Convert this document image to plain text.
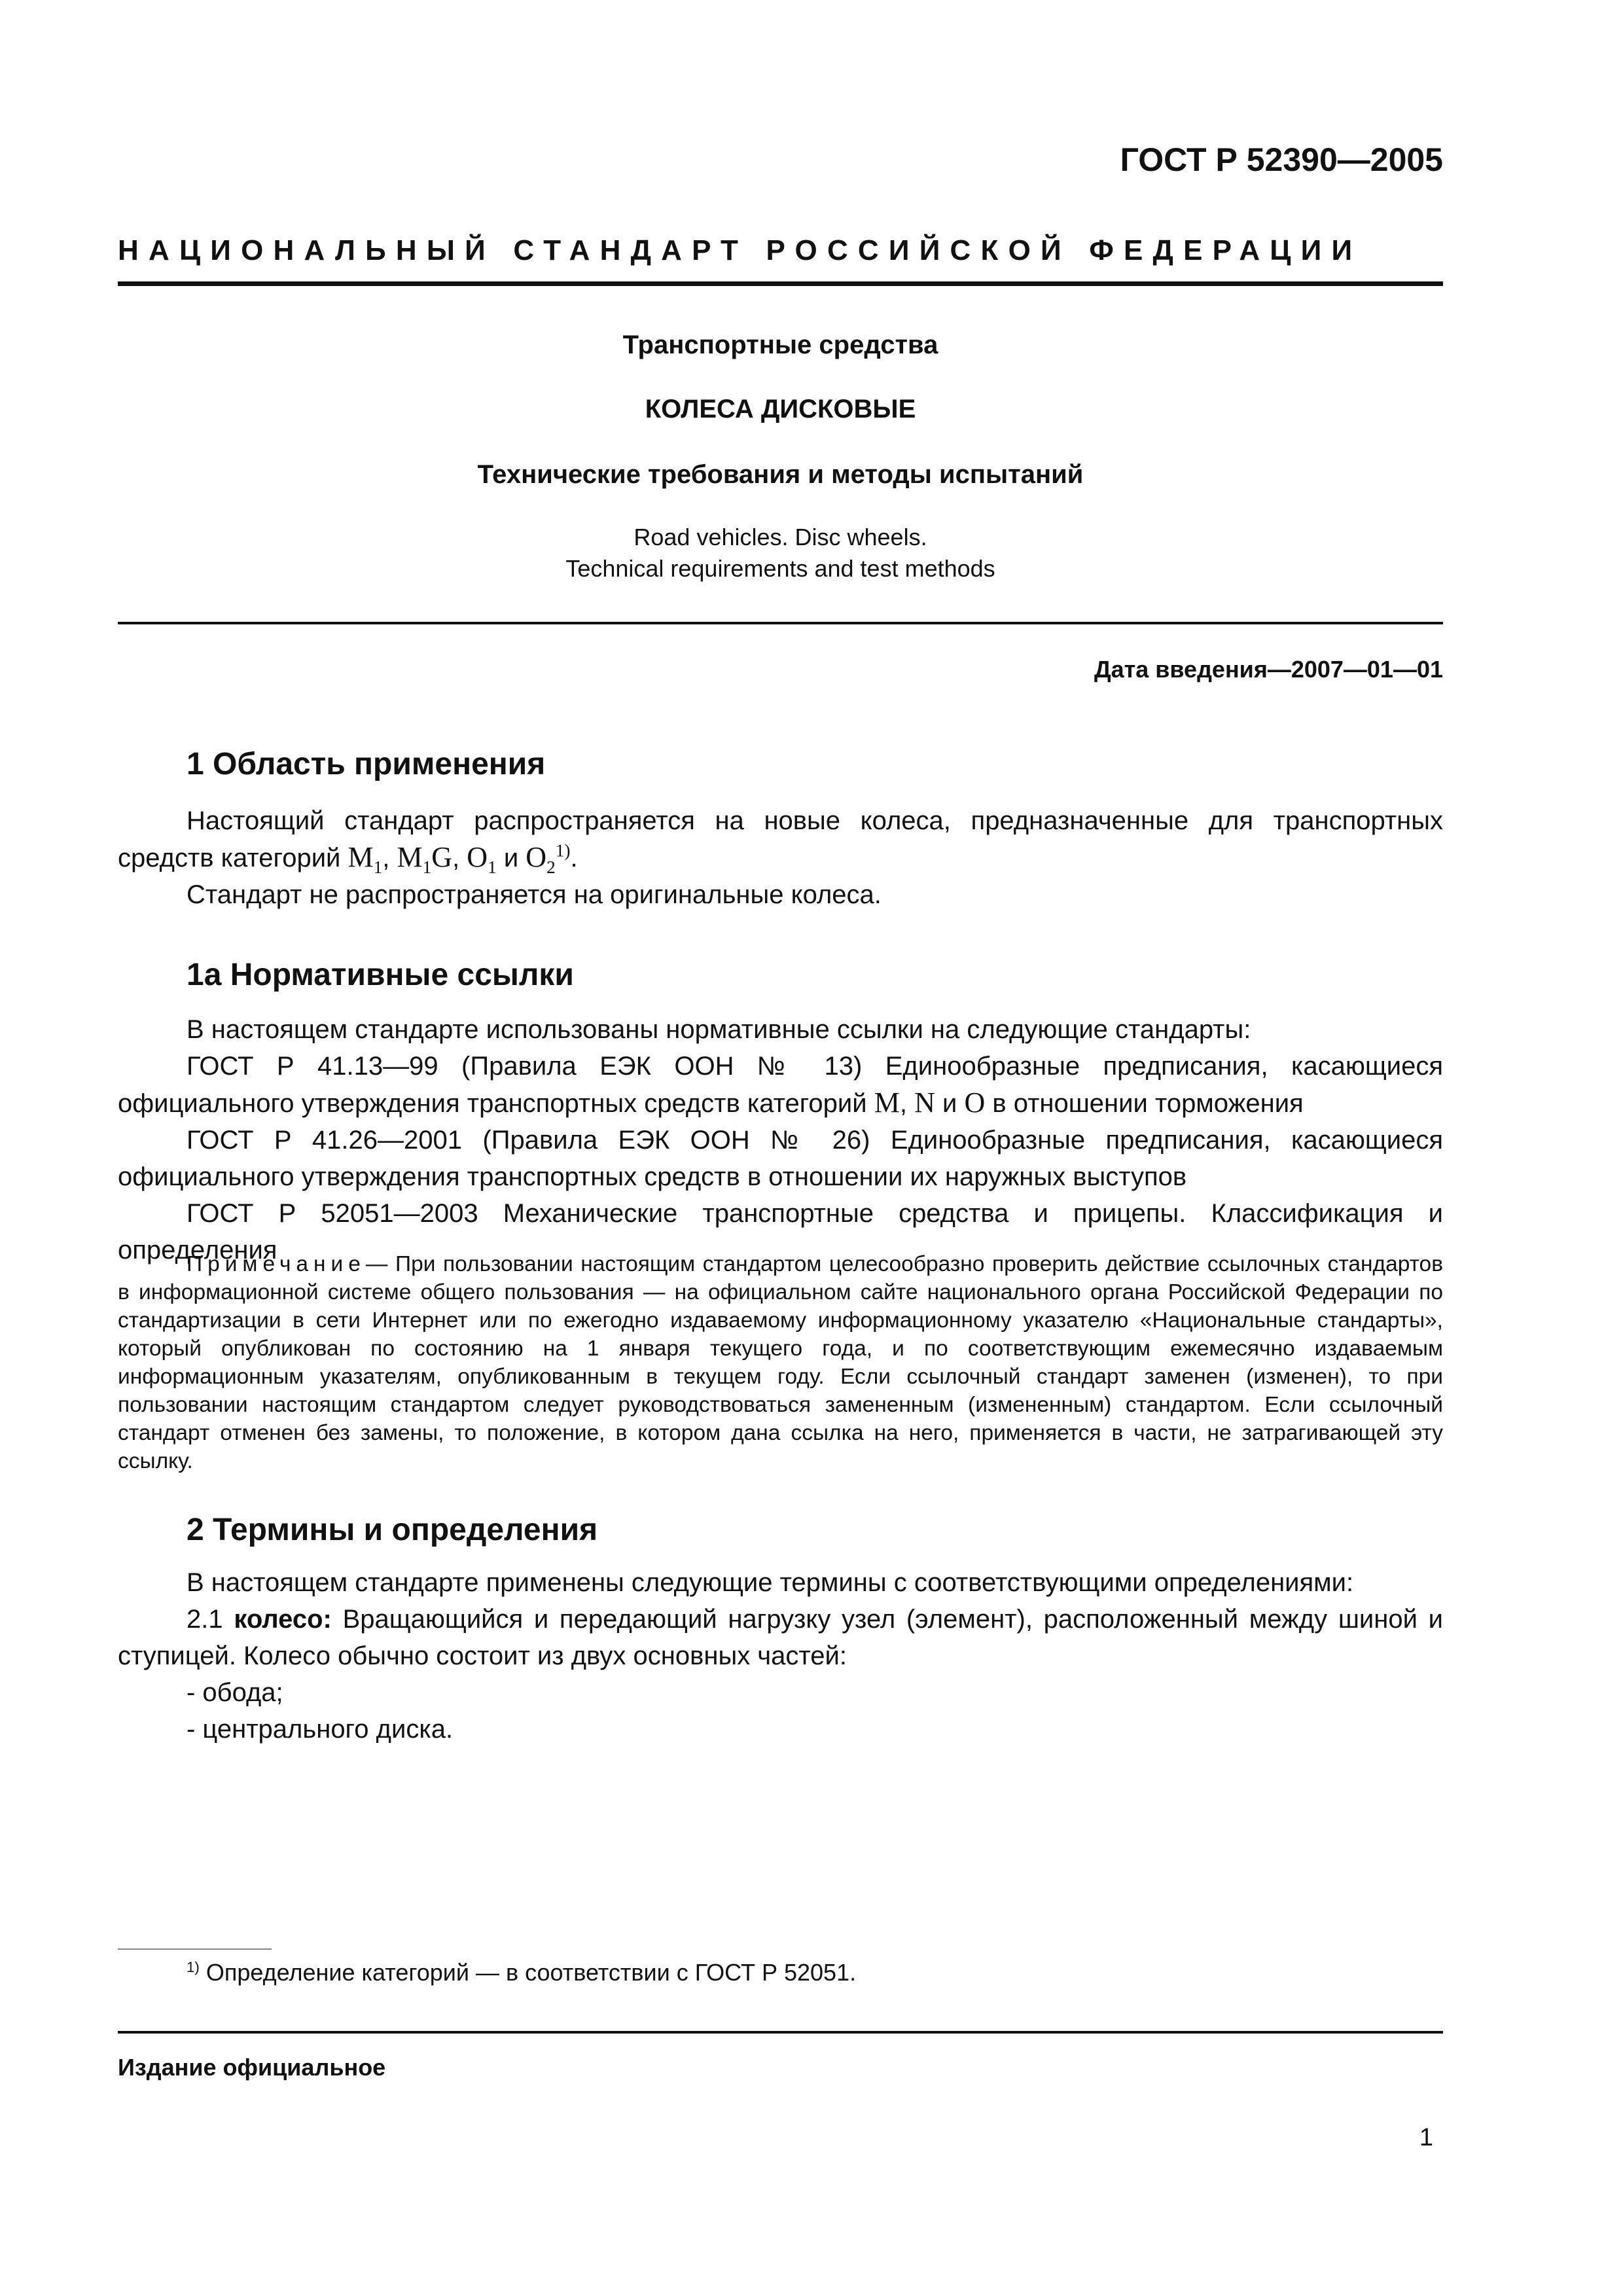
ГОСТ Р 52390—2005
НАЦИОНАЛЬНЫЙ СТАНДАРТ РОССИЙСКОЙ ФЕДЕРАЦИИ
Транспортные средства
КОЛЕСА ДИСКОВЫЕ
Технические требования и методы испытаний
Road vehicles. Disc wheels.
Technical requirements and test methods
Дата введения—2007—01—01
1 Область применения

Настоящий стандарт распространяется на новые колеса, предназначенные для транспортных средств категорий $M_1$, $M_1G$, $O_1$ и $O_2^{1)}$.

Стандарт не распространяется на оригинальные колеса.

1а Нормативные ссылки

В настоящем стандарте использованы нормативные ссылки на следующие стандарты:

ГОСТ Р 41.13—99 (Правила ЕЭК ООН № 13) Единообразные предписания, касающиеся официального утверждения транспортных средств категорий M, N и O в отношении торможения

ГОСТ Р 41.26—2001 (Правила ЕЭК ООН № 26) Единообразные предписания, касающиеся официального утверждения транспортных средств в отношении их наружных выступов

ГОСТ Р 52051—2003 Механические транспортные средства и прицепы. Классификация и определения

Примечание— При пользовании настоящим стандартом целесообразно проверить действие ссылочных стандартов в информационной системе общего пользования — на официальном сайте национального органа Российской Федерации по стандартизации в сети Интернет или по ежегодно издаваемому информационному указателю «Национальные стандарты», который опубликован по состоянию на 1 января текущего года, и по соответствующим ежемесячно издаваемым информационным указателям, опубликованным в текущем году. Если ссылочный стандарт заменен (изменен), то при пользовании настоящим стандартом следует руководствоваться замененным (измененным) стандартом. Если ссылочный стандарт отменен без замены, то положение, в котором дана ссылка на него, применяется в части, не затрагивающей эту ссылку.
2 Термины и определения

В настоящем стандарте применены следующие термины с соответствующими определениями:

2.1 колесо: Вращающийся и передающий нагрузку узел (элемент), расположенный между шиной и ступицей. Колесо обычно состоит из двух основных частей:

- обода;

- центрального диска.

$^{1)}$ Определение категорий — в соответствии с ГОСТ Р 52051.
Издание официальное
1
